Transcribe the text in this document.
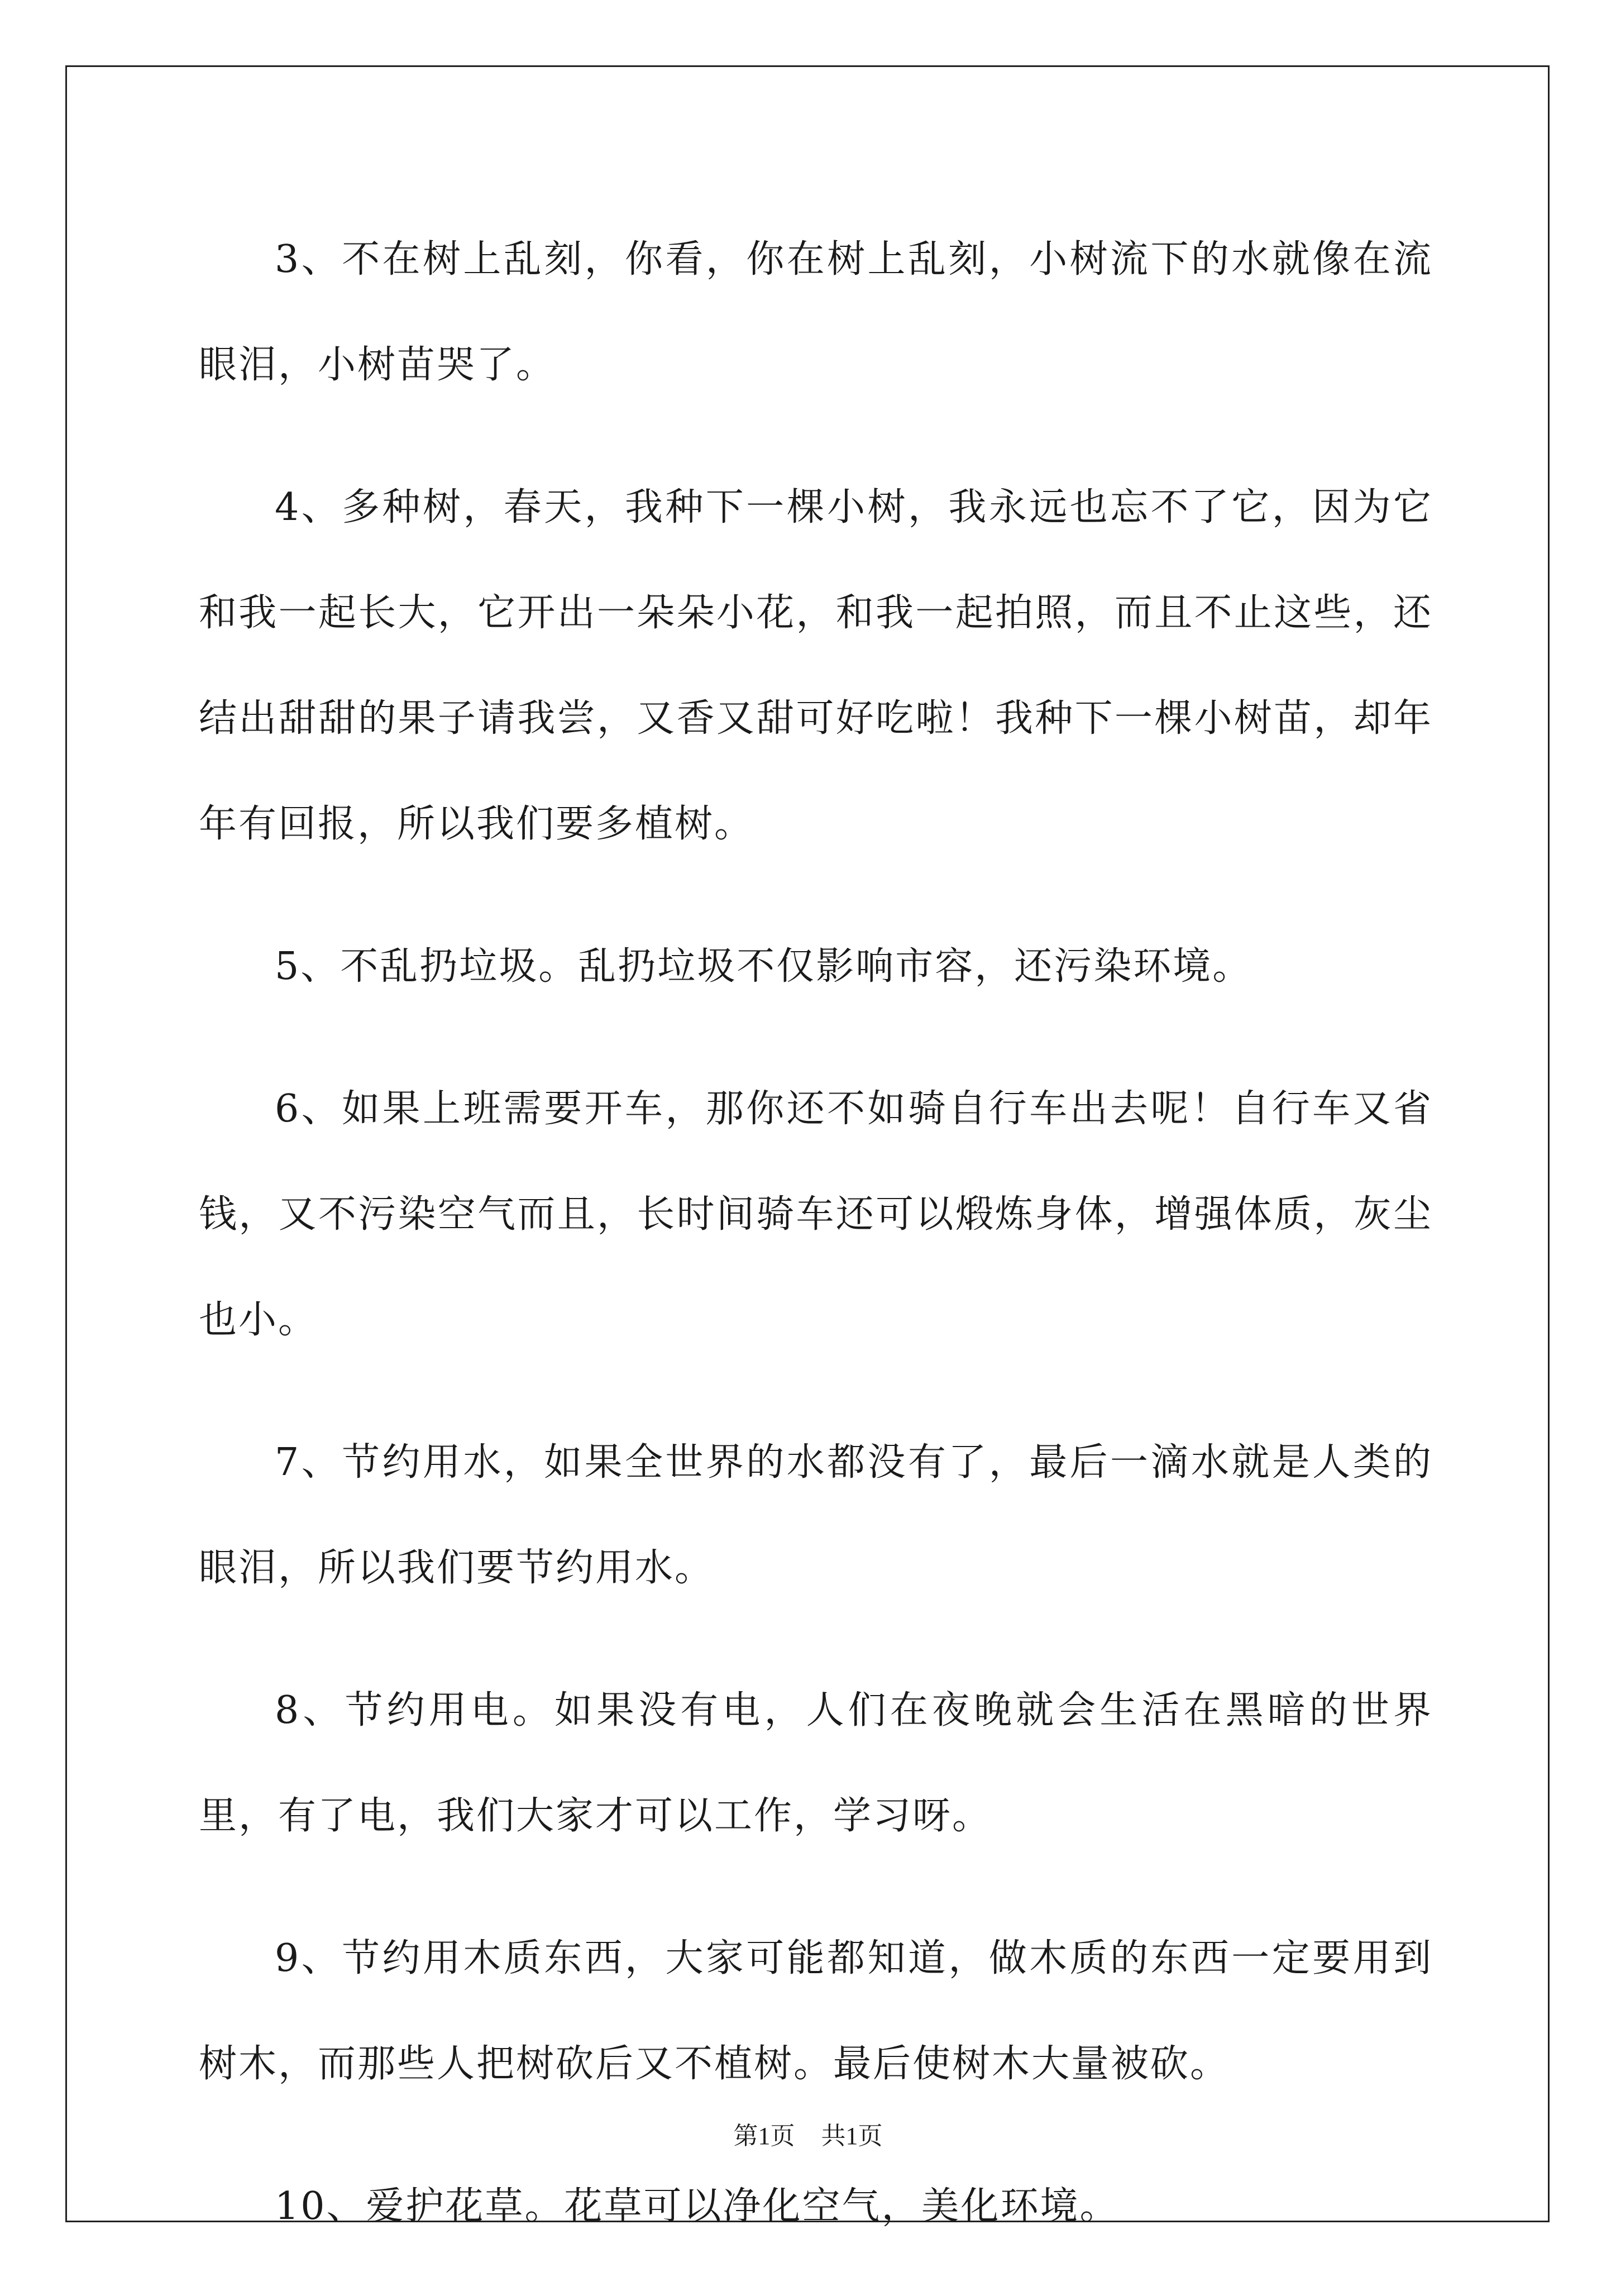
3、不在树上乱刻，你看，你在树上乱刻，小树流下的水就像在流眼泪，小树苗哭了。

4、多种树，春天，我种下一棵小树，我永远也忘不了它，因为它和我一起长大，它开出一朵朵小花，和我一起拍照，而且不止这些，还结出甜甜的果子请我尝，又香又甜可好吃啦！我种下一棵小树苗，却年年有回报，所以我们要多植树。

5、不乱扔垃圾。乱扔垃圾不仅影响市容，还污染环境。

6、如果上班需要开车，那你还不如骑自行车出去呢！自行车又省钱，又不污染空气而且，长时间骑车还可以煅炼身体，增强体质，灰尘也小。

7、节约用水，如果全世界的水都没有了，最后一滴水就是人类的眼泪，所以我们要节约用水。

8、节约用电。如果没有电，人们在夜晚就会生活在黑暗的世界里，有了电，我们大家才可以工作，学习呀。

9、节约用木质东西，大家可能都知道，做木质的东西一定要用到树木，而那些人把树砍后又不植树。最后使树木大量被砍。

10、爱护花草。花草可以净化空气，美化环境。

第1页 共1页
